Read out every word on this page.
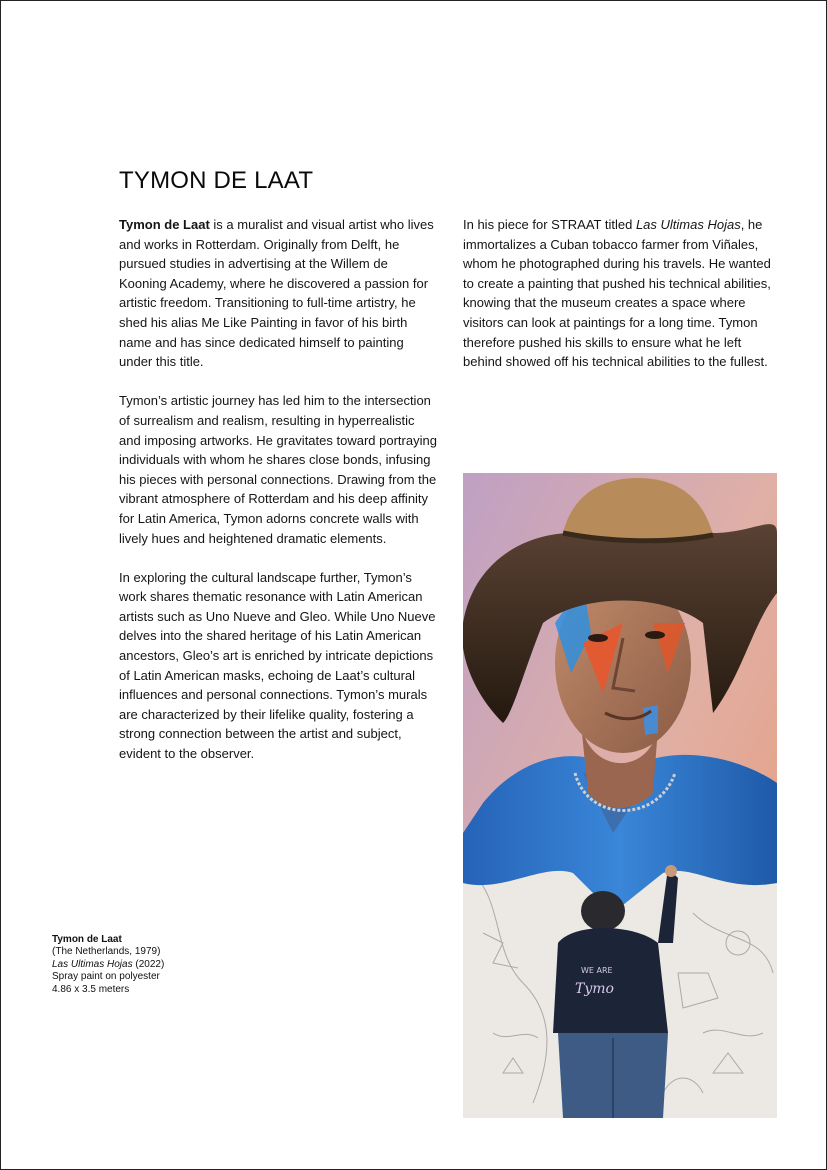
TYMON DE LAAT

Tymon de Laat is a muralist and visual artist who lives and works in Rotterdam. Originally from Delft, he pursued studies in advertising at the Willem de Kooning Academy, where he discovered a passion for artistic freedom. Transitioning to full-time artistry, he shed his alias Me Like Painting in favor of his birth name and has since dedicated himself to painting under this title.

Tymon’s artistic journey has led him to the intersection of surrealism and realism, resulting in hyperrealistic and imposing artworks. He gravitates toward portraying individuals with whom he shares close bonds, infusing his pieces with personal connections. Drawing from the vibrant atmosphere of Rotterdam and his deep affinity for Latin America, Tymon adorns concrete walls with lively hues and heightened dramatic elements.

In exploring the cultural landscape further, Tymon’s work shares thematic resonance with Latin American artists such as Uno Nueve and Gleo. While Uno Nueve delves into the shared heritage of his Latin American ancestors, Gleo’s art is enriched by intricate depictions of Latin American masks, echoing de Laat’s cultural influences and personal connections. Tymon’s murals are characterized by their lifelike quality, fostering a strong connection between the artist and subject, evident to the observer.

In his piece for STRAAT titled Las Ultimas Hojas, he immortalizes a Cuban tobacco farmer from Viñales, whom he photographed during his travels. He wanted to create a painting that pushed his technical abilities, knowing that the museum creates a space where visitors can look at paintings for a long time. Tymon therefore pushed his skills to ensure what he left behind showed off his technical abilities to the fullest.

Tymon de Laat
(The Netherlands, 1979)
Las Ultimas Hojas (2022)
Spray paint on polyester
4.86 x 3.5 meters
WE ARE
Tymo
